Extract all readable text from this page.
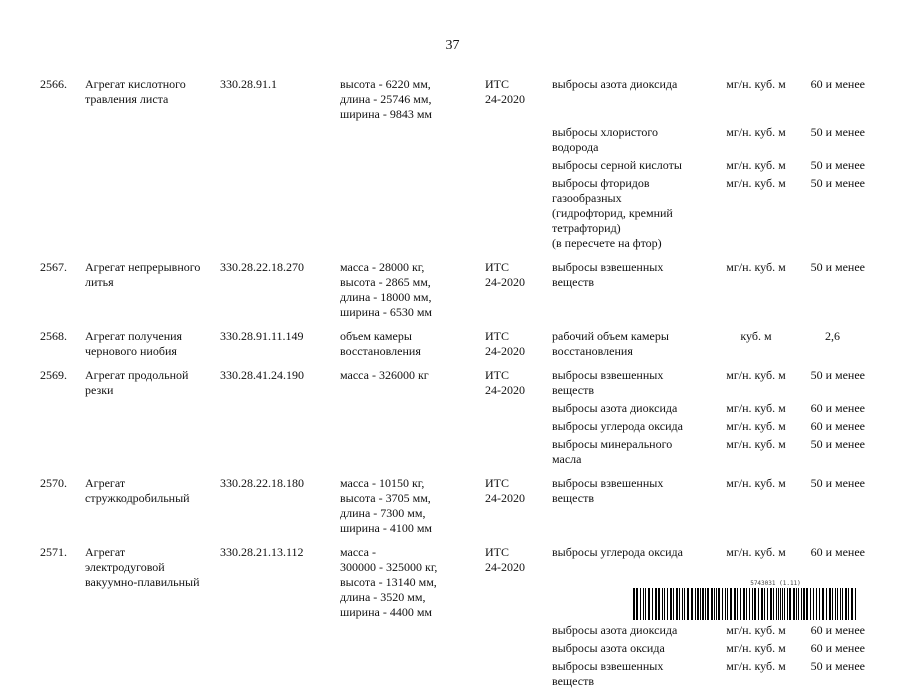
37
2566.	Агрегат кислотного
травления листа	330.28.91.1	высота - 6220 мм,
длина - 25746 мм,
ширина - 9843 мм	ИТС
24-2020	выбросы азота диоксида	мг/н. куб. м	60 и менее
					выбросы хлористого
водорода	мг/н. куб. м	50 и менее
					выбросы серной кислоты	мг/н. куб. м	50 и менее
					выбросы фторидов
газообразных
(гидрофторид, кремний
тетрафторид)
(в пересчете на фтор)	мг/н. куб. м	50 и менее

2567.	Агрегат непрерывного
литья	330.28.22.18.270	масса - 28000 кг,
высота - 2865 мм,
длина - 18000 мм,
ширина - 6530 мм	ИТС
24-2020	выбросы взвешенных
веществ	мг/н. куб. м	50 и менее

2568.	Агрегат получения
чернового ниобия	330.28.91.11.149	объем камеры
восстановления	ИТС
24-2020	рабочий объем камеры
восстановления	куб. м	2,6

2569.	Агрегат продольной
резки	330.28.41.24.190	масса - 326000 кг	ИТС
24-2020	выбросы взвешенных
веществ	мг/н. куб. м	50 и менее
					выбросы азота диоксида	мг/н. куб. м	60 и менее
					выбросы углерода оксида	мг/н. куб. м	60 и менее
					выбросы минерального
масла	мг/н. куб. м	50 и менее

2570.	Агрегат
стружкодробильный	330.28.22.18.180	масса - 10150 кг,
высота - 3705 мм,
длина - 7300 мм,
ширина - 4100 мм	ИТС
24-2020	выбросы взвешенных
веществ	мг/н. куб. м	50 и менее

2571.	Агрегат
электродуговой
вакуумно-плавильный	330.28.21.13.112	масса -
300000 - 325000 кг,
высота - 13140 мм,
длина - 3520 мм,
ширина - 4400 мм	ИТС
24-2020	выбросы углерода оксида	мг/н. куб. м	60 и менее
					выбросы азота диоксида	мг/н. куб. м	60 и менее
					выбросы азота оксида	мг/н. куб. м	60 и менее
					выбросы взвешенных
веществ	мг/н. куб. м	50 и менее
5743031 (1.11)
